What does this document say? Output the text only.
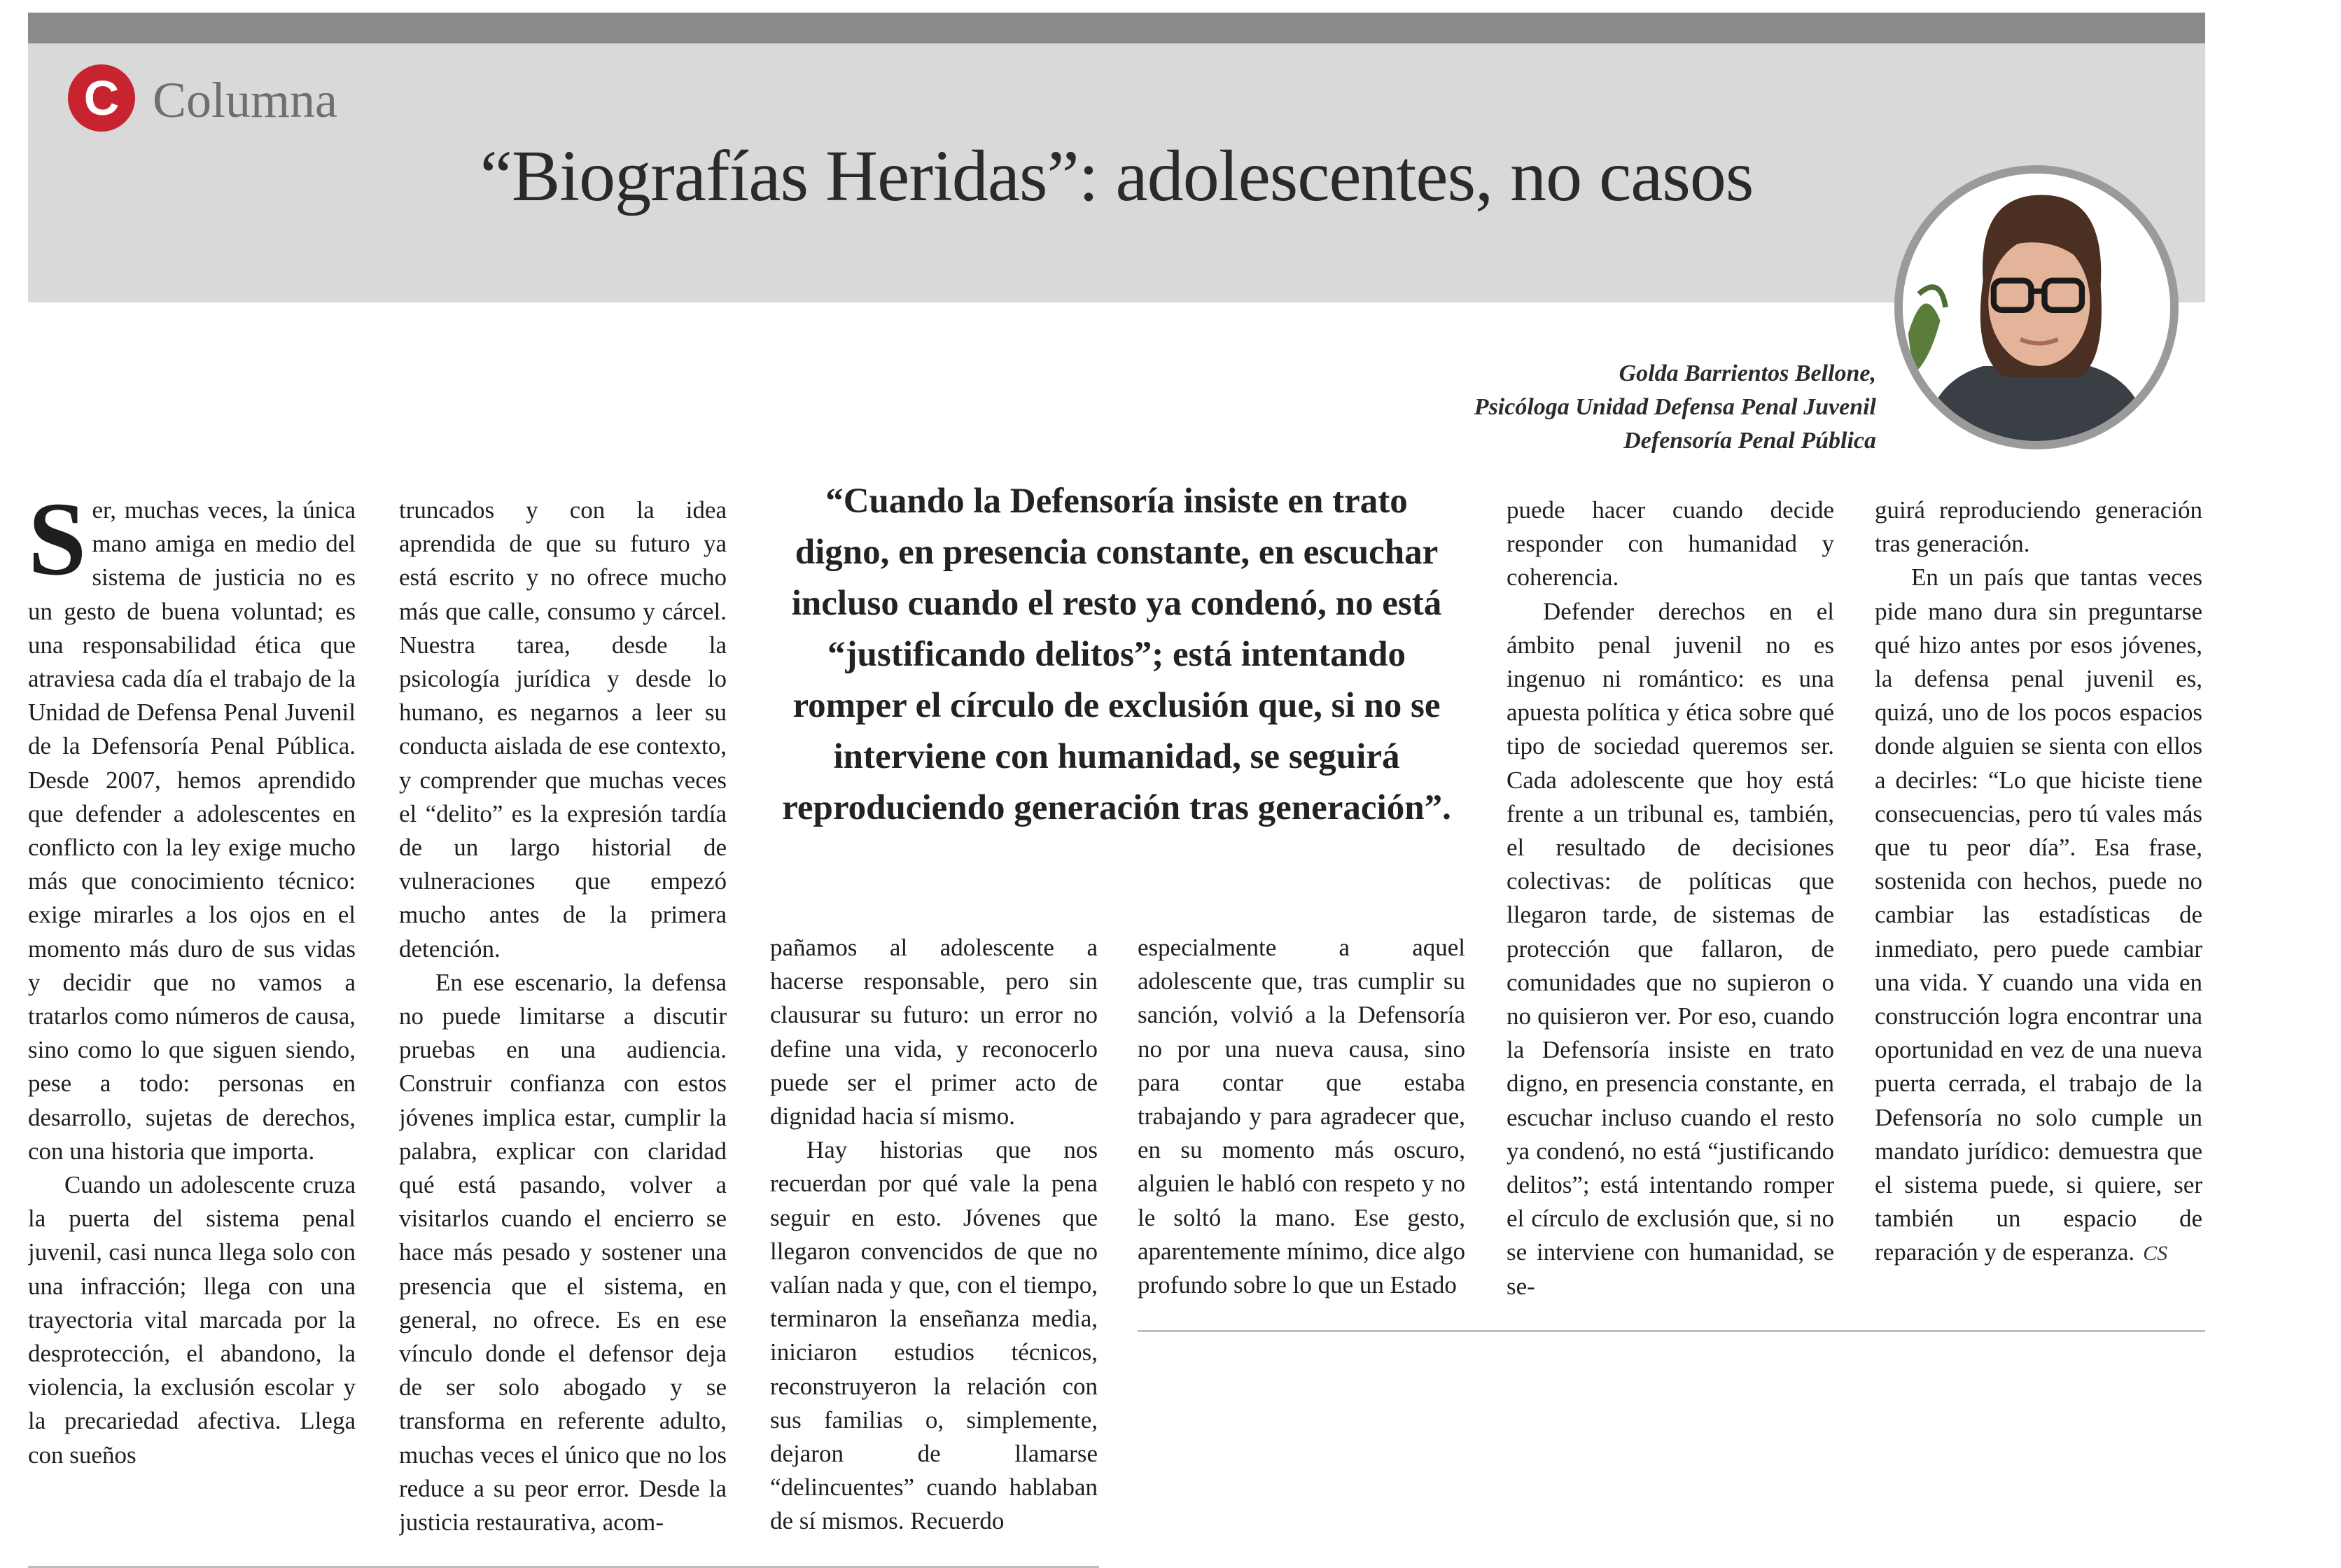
C Columna
“Biografías Heridas”: adolescentes, no casos
Golda Barrientos Bellone,
Psicóloga Unidad Defensa Penal Juvenil
Defensoría Penal Pública

Ser, muchas veces, la única mano amiga en medio del sistema de justicia no es un gesto de buena voluntad; es una responsabilidad ética que atraviesa cada día el trabajo de la Unidad de Defensa Penal Juvenil de la Defensoría Penal Pública. Desde 2007, hemos aprendido que defender a adolescentes en conflicto con la ley exige mucho más que conocimiento técnico: exige mirarles a los ojos en el momento más duro de sus vidas y decidir que no vamos a tratarlos como números de causa, sino como lo que siguen siendo, pese a todo: personas en desarrollo, sujetas de derechos, con una historia que importa.

Cuando un adolescente cruza la puerta del sistema penal juvenil, casi nunca llega solo con una infracción; llega con una trayectoria vital marcada por la desprotección, el abandono, la violencia, la exclusión escolar y la precariedad afectiva. Llega con sueños

truncados y con la idea aprendida de que su futuro ya está escrito y no ofrece mucho más que calle, consumo y cárcel. Nuestra tarea, desde la psicología jurídica y desde lo humano, es negarnos a leer su conducta aislada de ese contexto, y comprender que muchas veces el “delito” es la expresión tardía de un largo historial de vulneraciones que empezó mucho antes de la primera detención.

En ese escenario, la defensa no puede limitarse a discutir pruebas en una audiencia. Construir confianza con estos jóvenes implica estar, cumplir la palabra, explicar con claridad qué está pasando, volver a visitarlos cuando el encierro se hace más pesado y sostener una presencia que el sistema, en general, no ofrece. Es en ese vínculo donde el defensor deja de ser solo abogado y se transforma en referente adulto, muchas veces el único que no los reduce a su peor error. Desde la justicia restaurativa, acom-

“Cuando la Defensoría insiste en trato digno, en presencia constante, en escuchar incluso cuando el resto ya condenó, no está “justificando delitos”; está intentando romper el círculo de exclusión que, si no se interviene con humanidad, se seguirá reproduciendo generación tras generación”.

pañamos al adolescente a hacerse responsable, pero sin clausurar su futuro: un error no define una vida, y reconocerlo puede ser el primer acto de dignidad hacia sí mismo.

Hay historias que nos recuerdan por qué vale la pena seguir en esto. Jóvenes que llegaron convencidos de que no valían nada y que, con el tiempo, terminaron la enseñanza media, iniciaron estudios técnicos, reconstruyeron la relación con sus familias o, simplemente, dejaron de llamarse “delincuentes” cuando hablaban de sí mismos. Recuerdo

especialmente a aquel adolescente que, tras cumplir su sanción, volvió a la Defensoría no por una nueva causa, sino para contar que estaba trabajando y para agradecer que, en su momento más oscuro, alguien le habló con respeto y no le soltó la mano. Ese gesto, aparentemente mínimo, dice algo profundo sobre lo que un Estado

puede hacer cuando decide responder con humanidad y coherencia.

Defender derechos en el ámbito penal juvenil no es ingenuo ni romántico: es una apuesta política y ética sobre qué tipo de sociedad queremos ser. Cada adolescente que hoy está frente a un tribunal es, también, el resultado de decisiones colectivas: de políticas que llegaron tarde, de sistemas de protección que fallaron, de comunidades que no supieron o no quisieron ver. Por eso, cuando la Defensoría insiste en trato digno, en presencia constante, en escuchar incluso cuando el resto ya condenó, no está “justificando delitos”; está intentando romper el círculo de exclusión que, si no se interviene con humanidad, se se-

guirá reproduciendo generación tras generación.

En un país que tantas veces pide mano dura sin preguntarse qué hizo antes por esos jóvenes, la defensa penal juvenil es, quizá, uno de los pocos espacios donde alguien se sienta con ellos a decirles: “Lo que hiciste tiene consecuencias, pero tú vales más que tu peor día”. Esa frase, sostenida con hechos, puede no cambiar las estadísticas de inmediato, pero puede cambiar una vida. Y cuando una vida en construcción logra encontrar una oportunidad en vez de una nueva puerta cerrada, el trabajo de la Defensoría no solo cumple un mandato jurídico: demuestra que el sistema puede, si quiere, ser también un espacio de reparación y de esperanza. CS
